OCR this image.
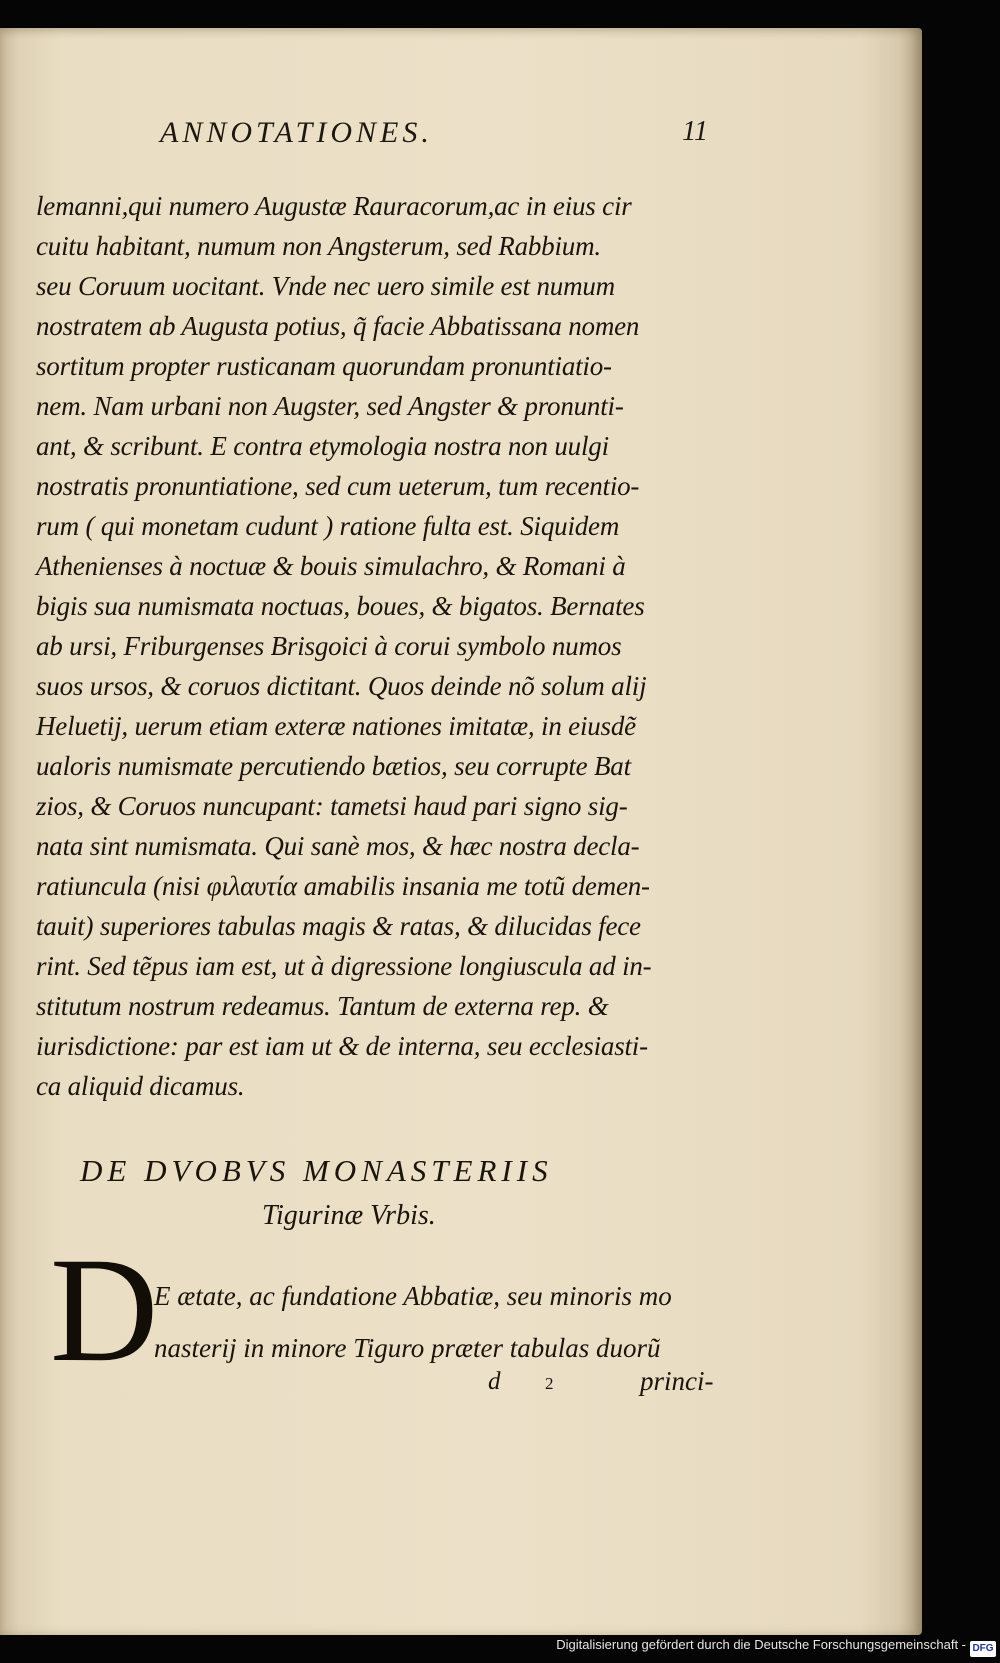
ANNOTATIONES.	11
lemanni,qui numero Augustæ Rauracorum,ac in eius cir
cuitu habitant, numum non Angsterum, sed Rabbium.
seu Coruum uocitant. Vnde nec uero simile est numum
nostratem ab Augusta potius, q̃ facie Abbatissana nomen
sortitum propter rusticanam quorundam pronuntiatio-
nem. Nam urbani non Augster, sed Angster & pronunti-
ant, & scribunt. E contra etymologia nostra non uulgi
nostratis pronuntiatione, sed cum ueterum, tum recentio-
rum ( qui monetam cudunt ) ratione fulta est. Siquidem
Athenienses à noctuæ & bouis simulachro, & Romani à
bigis sua numismata noctuas, boues, & bigatos. Bernates
ab ursi, Friburgenses Brisgoici à corui symbolo numos
suos ursos, & coruos dictitant. Quos deinde nõ solum alij
Heluetij, uerum etiam exteræ nationes imitatæ, in eiusdẽ
ualoris numismate percutiendo bætios, seu corrupte Bat
zios, & Coruos nuncupant: tametsi haud pari signo sig-
nata sint numismata. Qui sanè mos, & hæc nostra decla-
ratiuncula (nisi φιλαυτία amabilis insania me totũ demen-
tauit) superiores tabulas magis & ratas, & dilucidas fece
rint. Sed tẽpus iam est, ut à digressione longiuscula ad in-
stitutum nostrum redeamus. Tantum de externa rep. &
iurisdictione: par est iam ut & de interna, seu ecclesiasti-
ca aliquid dicamus.
DE DVOBVS MONASTERIIS
Tigurinæ Vrbis.
D
E ætate, ac fundatione Abbatiæ, seu minoris mo
nasterij in minore Tiguro præter tabulas duorũ
d	2	princi-
Digitalisierung gefördert durch die Deutsche Forschungsgemeinschaft - DFG
